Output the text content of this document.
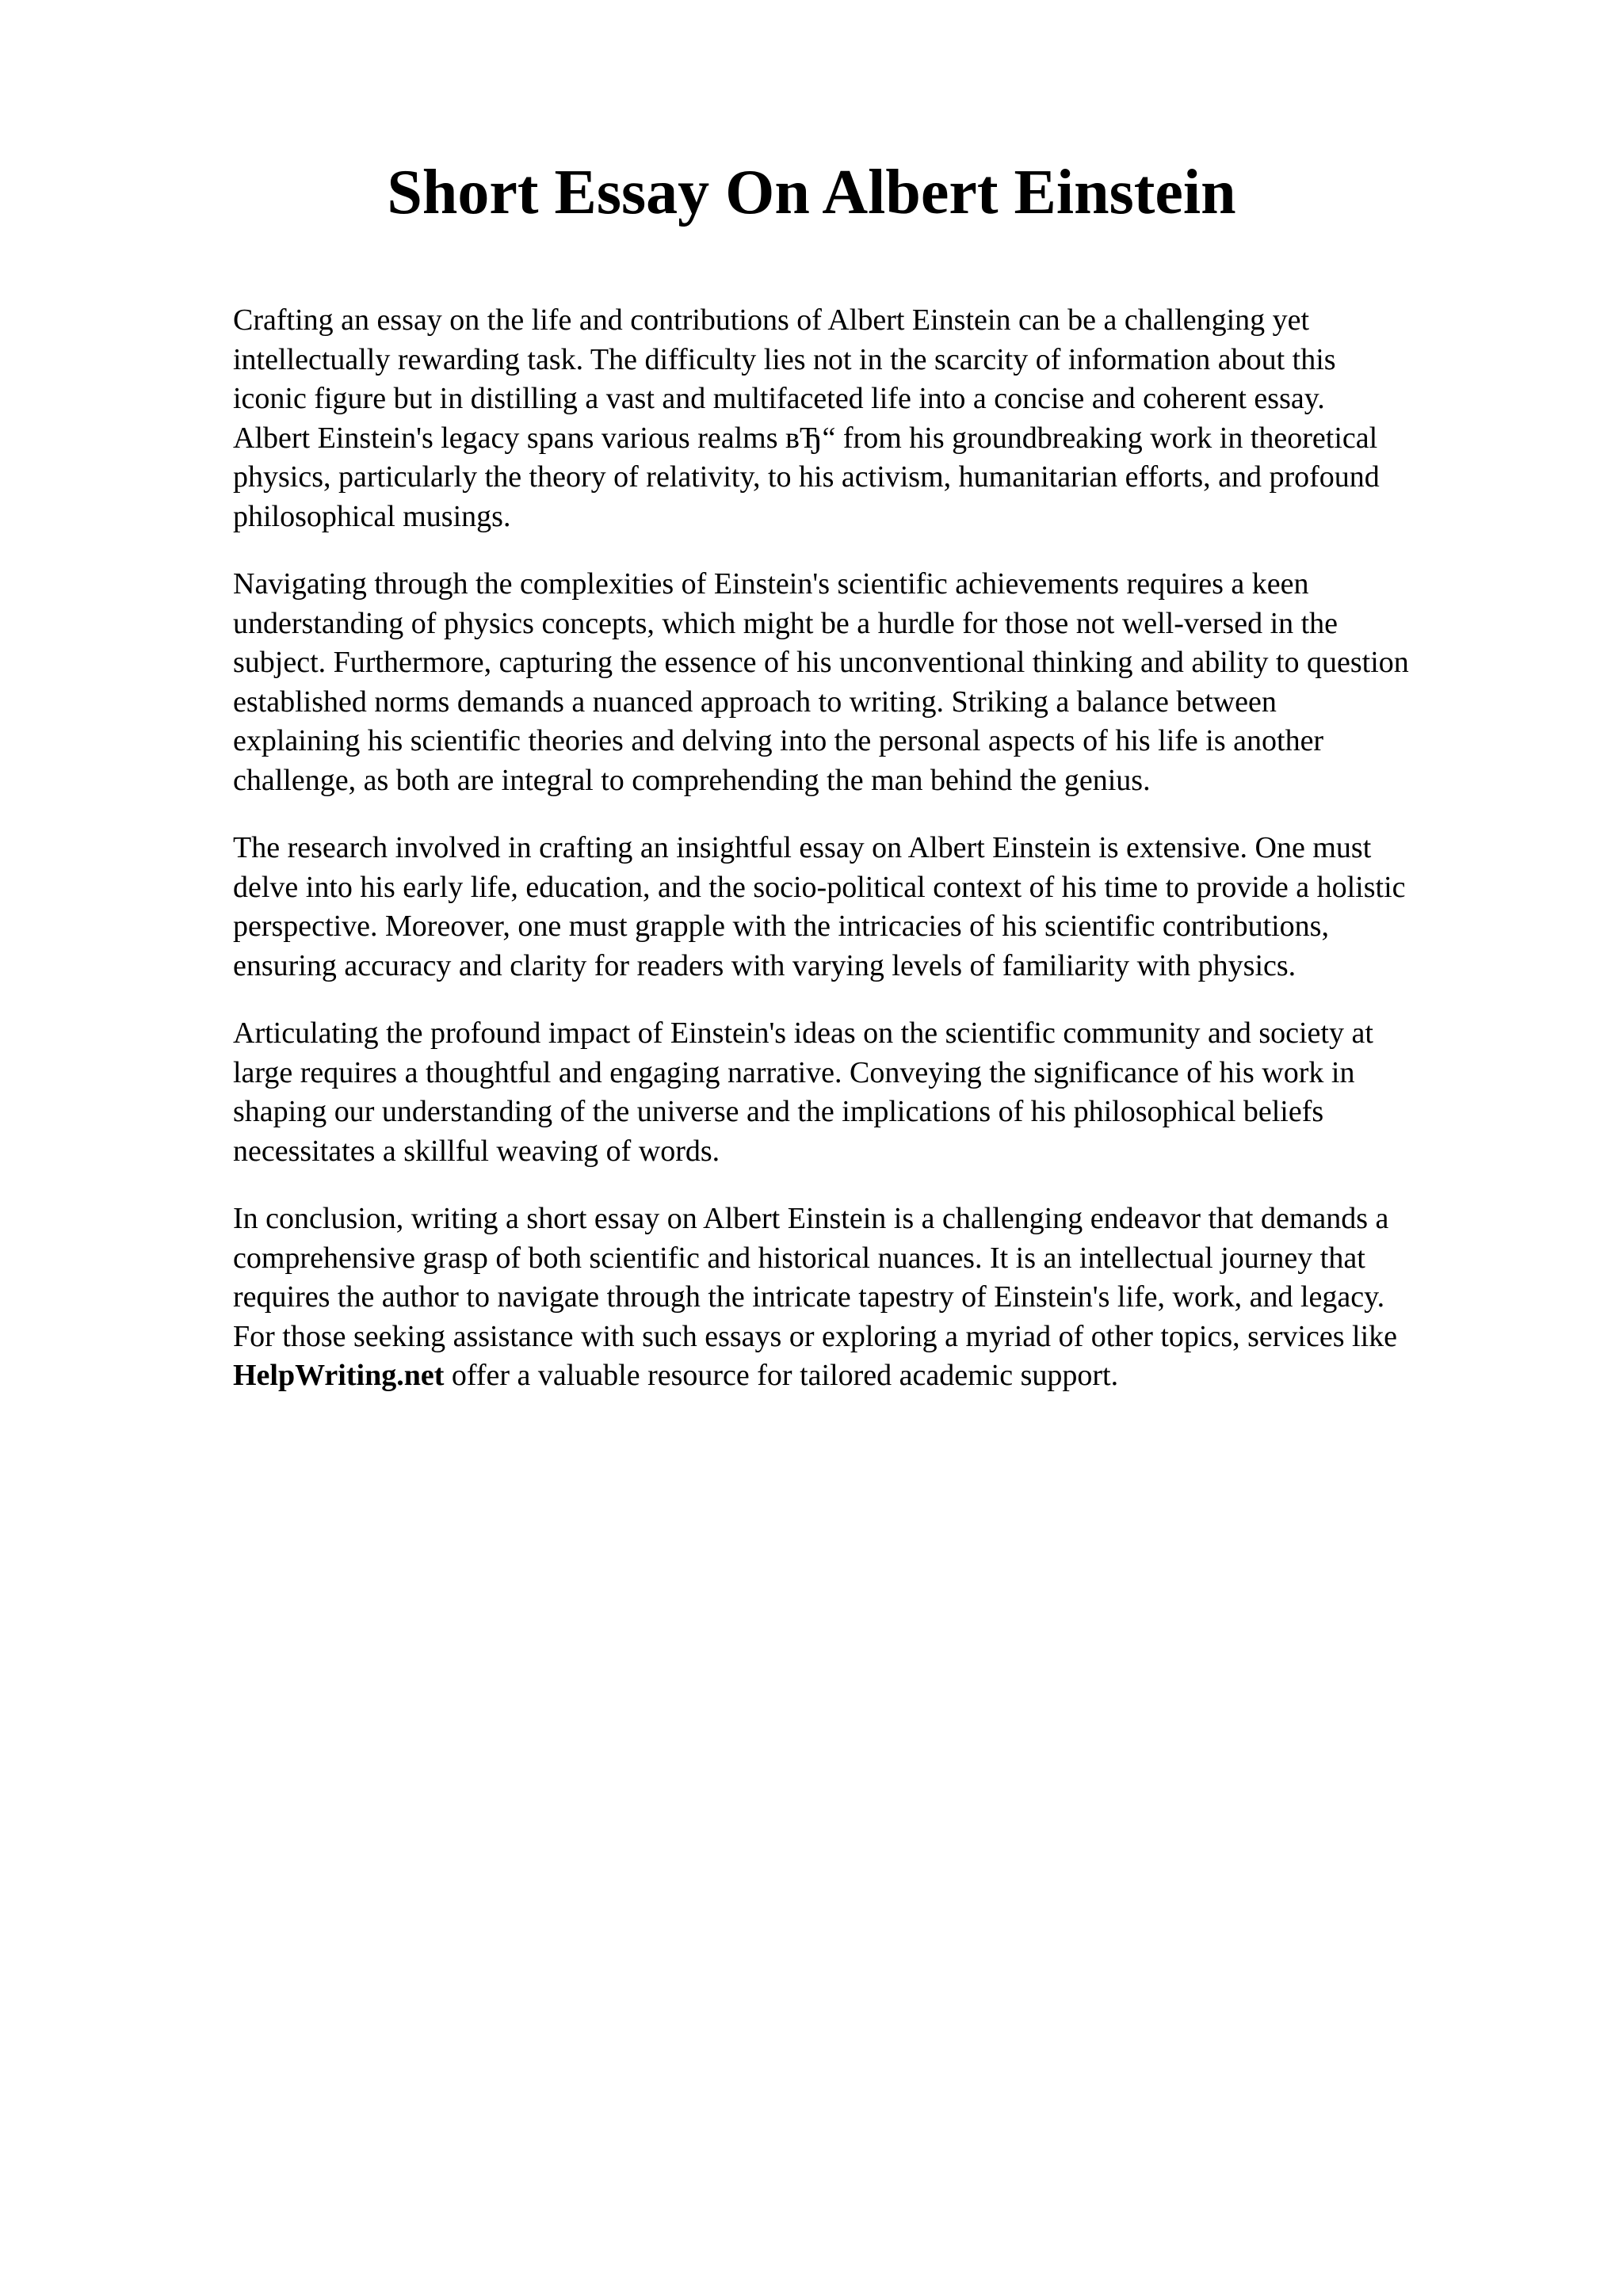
Short Essay On Albert Einstein

Crafting an essay on the life and contributions of Albert Einstein can be a challenging yet
intellectually rewarding task. The difficulty lies not in the scarcity of information about this
iconic figure but in distilling a vast and multifaceted life into a concise and coherent essay.
Albert Einstein's legacy spans various realms вЂ“ from his groundbreaking work in theoretical
physics, particularly the theory of relativity, to his activism, humanitarian efforts, and profound
philosophical musings.

Navigating through the complexities of Einstein's scientific achievements requires a keen
understanding of physics concepts, which might be a hurdle for those not well-versed in the
subject. Furthermore, capturing the essence of his unconventional thinking and ability to question
established norms demands a nuanced approach to writing. Striking a balance between
explaining his scientific theories and delving into the personal aspects of his life is another
challenge, as both are integral to comprehending the man behind the genius.

The research involved in crafting an insightful essay on Albert Einstein is extensive. One must
delve into his early life, education, and the socio-political context of his time to provide a holistic
perspective. Moreover, one must grapple with the intricacies of his scientific contributions,
ensuring accuracy and clarity for readers with varying levels of familiarity with physics.

Articulating the profound impact of Einstein's ideas on the scientific community and society at
large requires a thoughtful and engaging narrative. Conveying the significance of his work in
shaping our understanding of the universe and the implications of his philosophical beliefs
necessitates a skillful weaving of words.

In conclusion, writing a short essay on Albert Einstein is a challenging endeavor that demands a
comprehensive grasp of both scientific and historical nuances. It is an intellectual journey that
requires the author to navigate through the intricate tapestry of Einstein's life, work, and legacy.
For those seeking assistance with such essays or exploring a myriad of other topics, services like
HelpWriting.net offer a valuable resource for tailored academic support.
